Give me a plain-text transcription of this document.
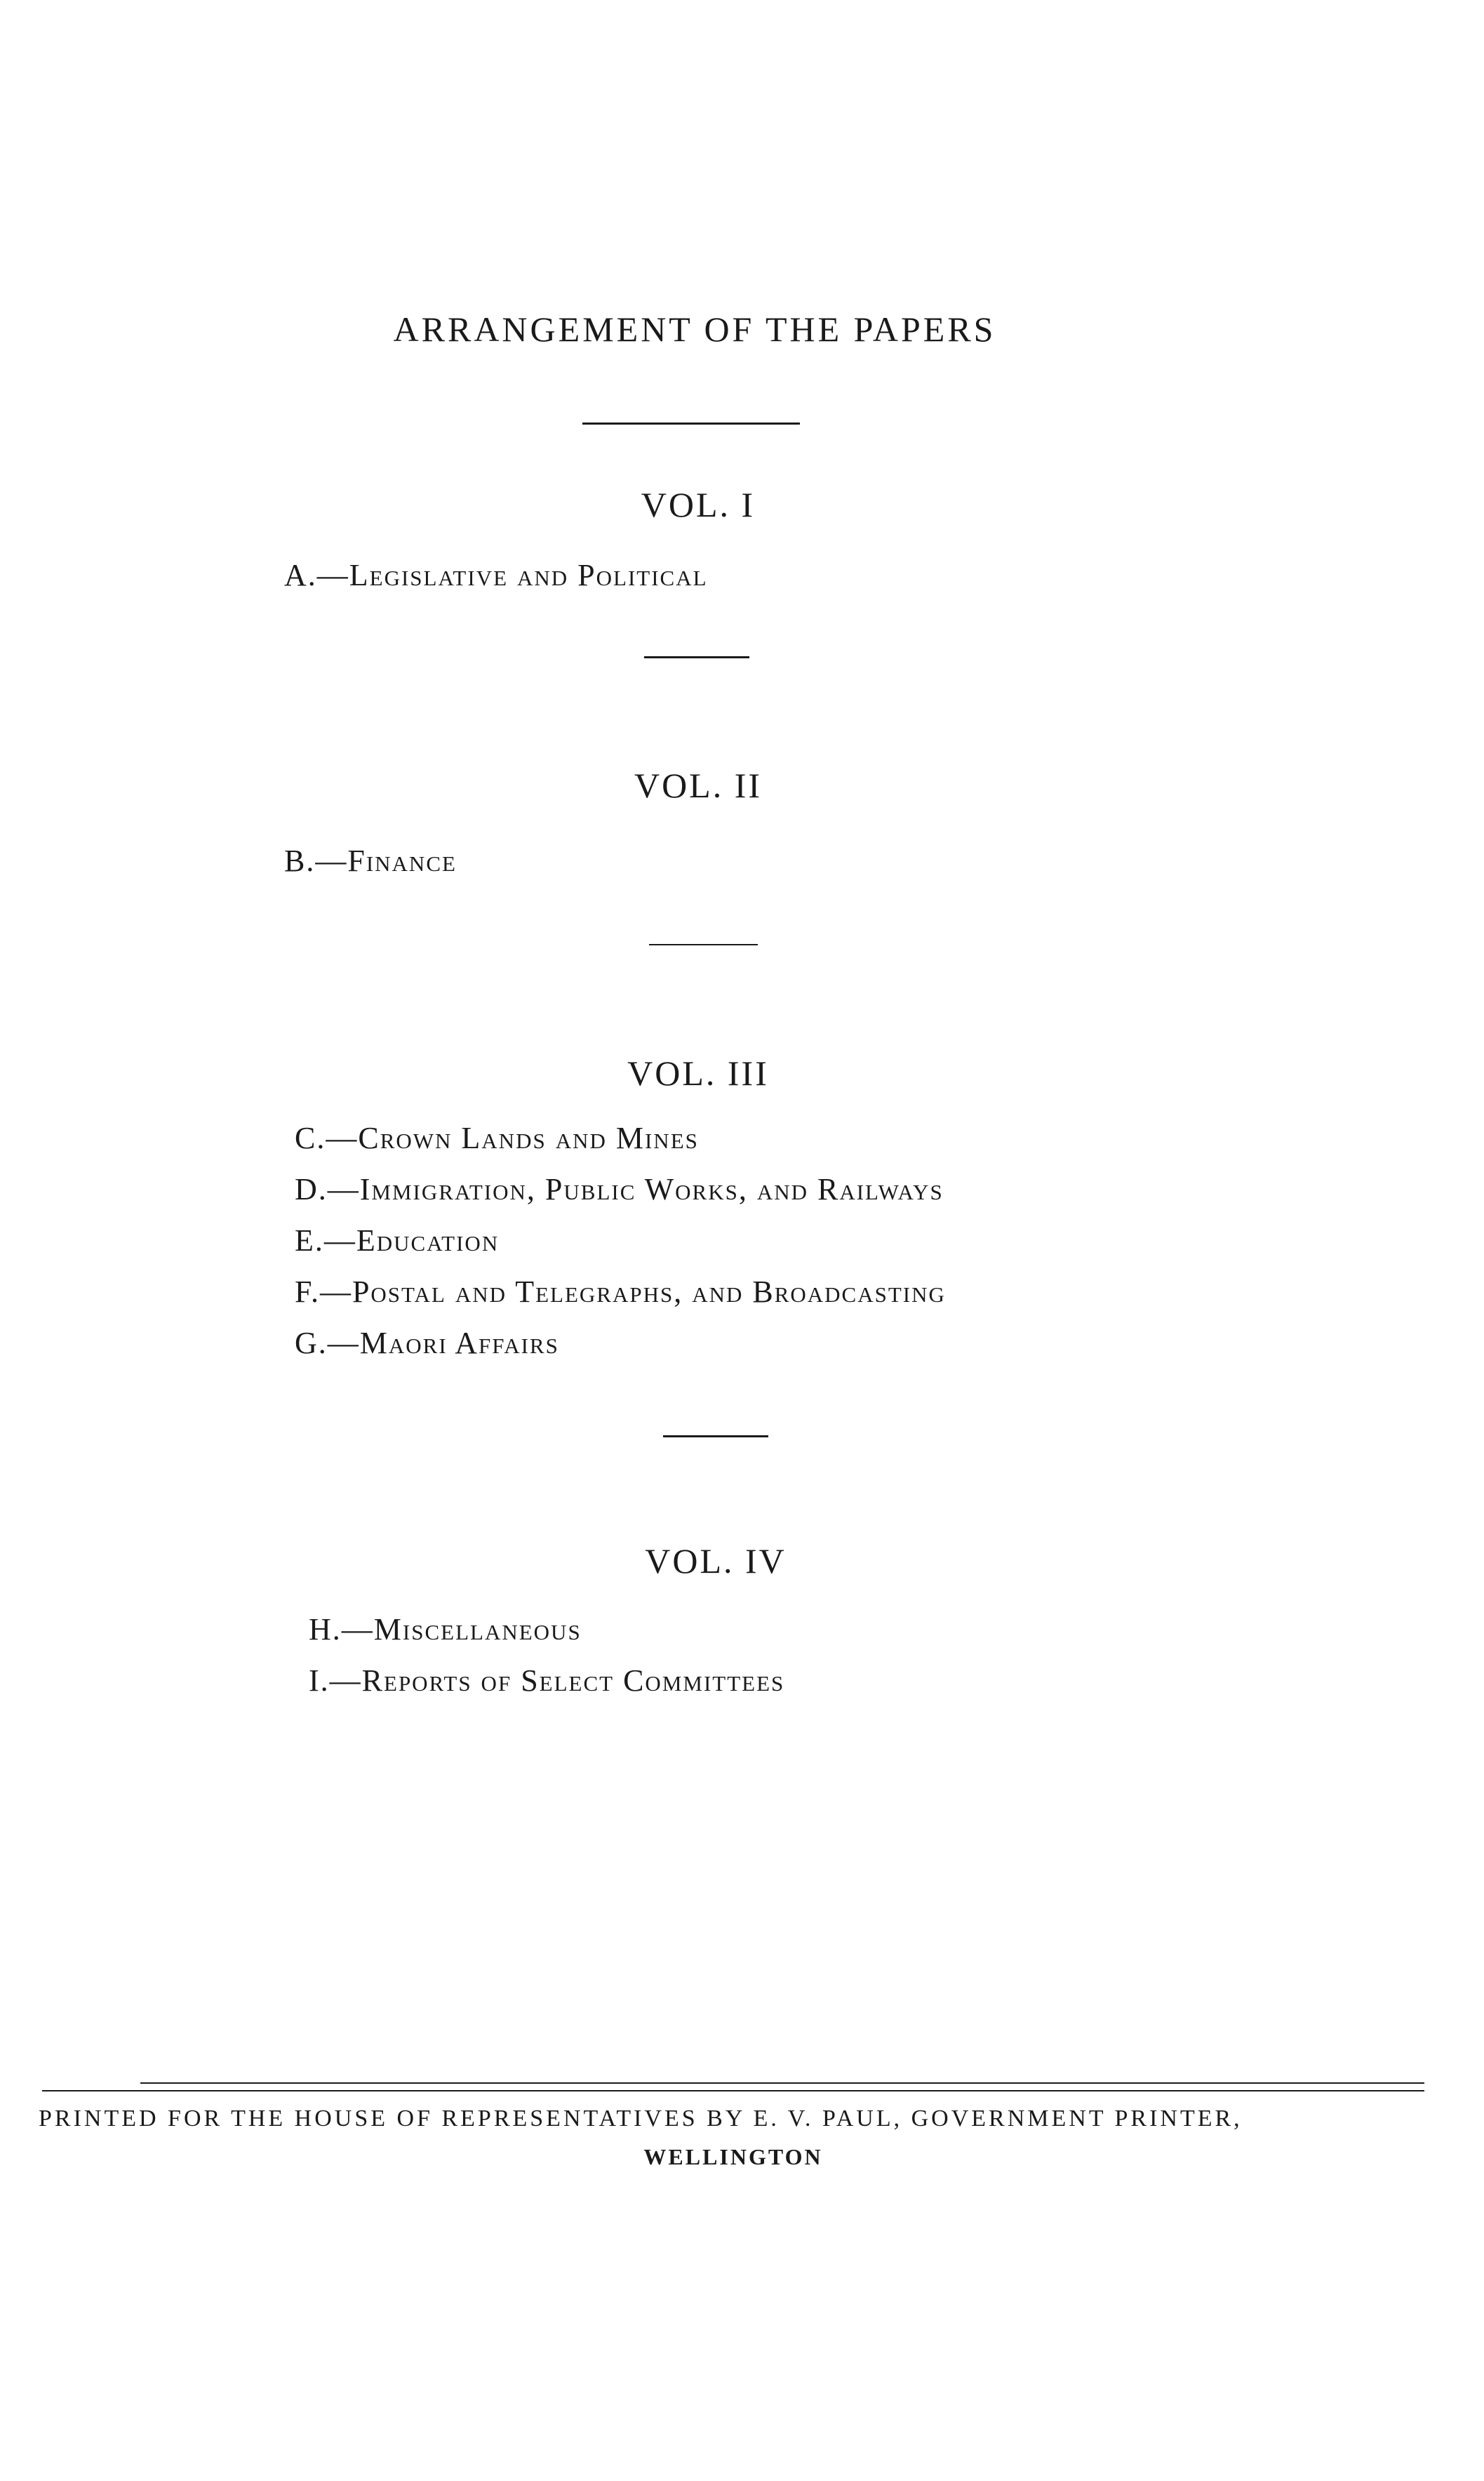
ARRANGEMENT OF THE PAPERS
VOL. I
A.—Legislative and Political
VOL. II
B.—Finance
VOL. III
C.—Crown Lands and Mines
D.—Immigration, Public Works, and Railways
E.—Education
F.—Postal and Telegraphs, and Broadcasting
G.—Maori Affairs
VOL. IV
H.—Miscellaneous
I.—Reports of Select Committees

PRINTED FOR THE HOUSE OF REPRESENTATIVES BY E. V. PAUL, GOVERNMENT PRINTER,

WELLINGTON
